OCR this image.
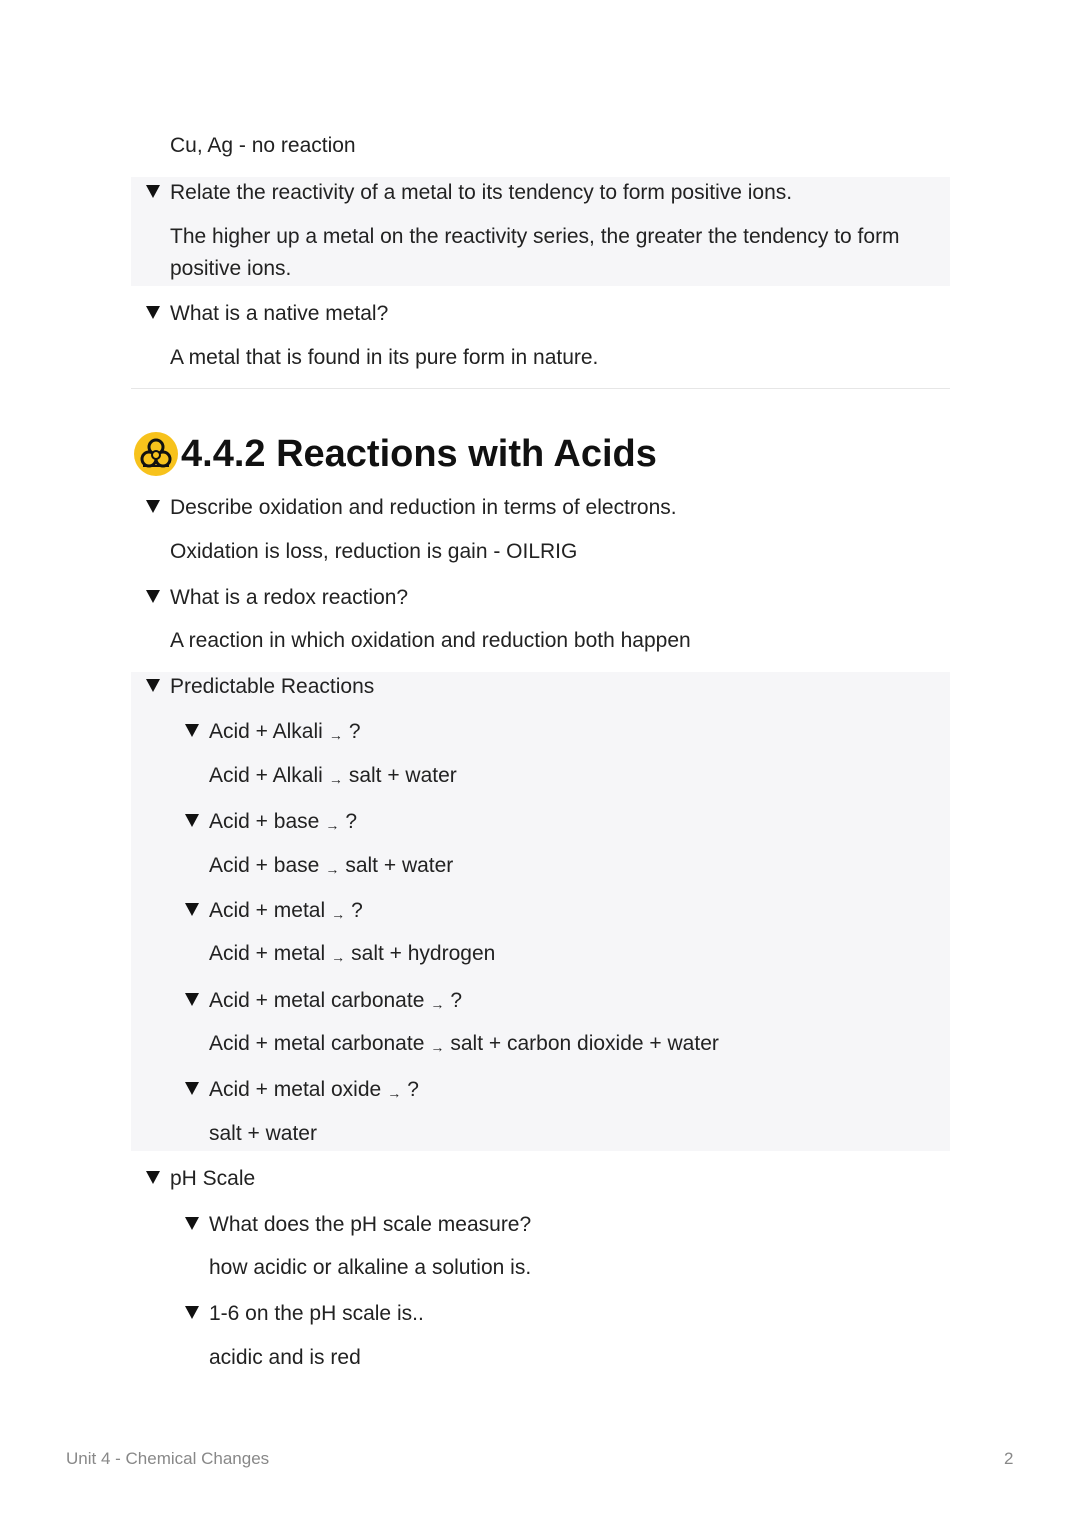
Cu, Ag - no reaction
Relate the reactivity of a metal to its tendency to form positive ions.
The higher up a metal on the reactivity series, the greater the tendency to form
positive ions.
What is a native metal?
A metal that is found in its pure form in nature.
4.4.2 Reactions with Acids
Describe oxidation and reduction in terms of electrons.
Oxidation is loss, reduction is gain - OILRIG
What is a redox reaction?
A reaction in which oxidation and reduction both happen
Predictable Reactions
Acid + Alkali → ?
Acid + Alkali → salt + water
Acid + base → ?
Acid + base → salt + water
Acid + metal → ?
Acid + metal → salt + hydrogen
Acid + metal carbonate → ?
Acid + metal carbonate → salt + carbon dioxide + water
Acid + metal oxide → ?
salt + water
pH Scale
What does the pH scale measure?
how acidic or alkaline a solution is.
1-6 on the pH scale is..
acidic and is red
Unit 4 - Chemical Changes	2
